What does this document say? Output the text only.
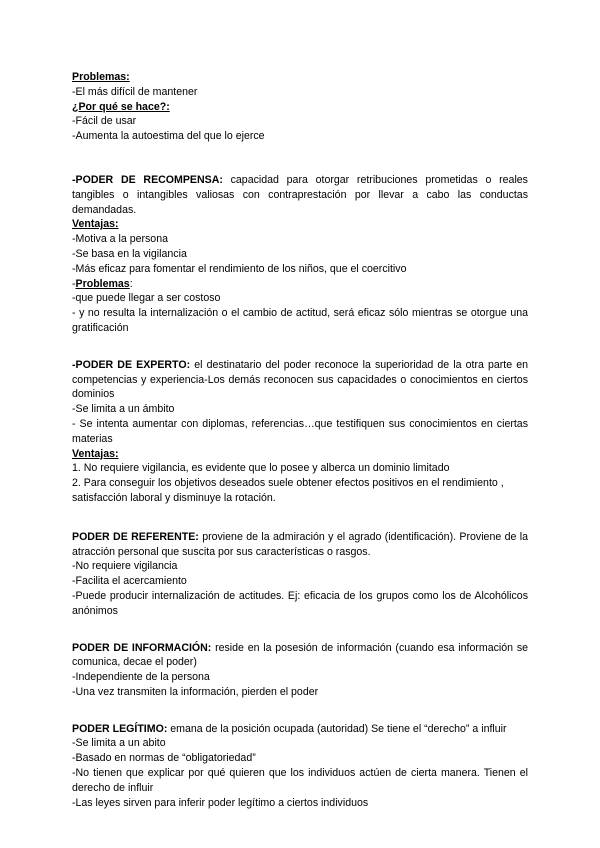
Problemas:
-El más difícil de mantener
¿Por qué se hace?:
-Fácil de usar
-Aumenta la autoestima del que lo ejerce

-PODER DE RECOMPENSA: capacidad para otorgar retribuciones prometidas o reales tangibles o intangibles valiosas con contraprestación por llevar a cabo las conductas demandadas.

Ventajas:
-Motiva a la persona
-Se basa en la vigilancia
-Más eficaz para fomentar el rendimiento de los niños, que el coercitivo
-Problemas:
-que puede llegar a ser costoso

- y no resulta la internalización o el cambio de actitud, será eficaz sólo mientras se otorgue una gratificación

-PODER DE EXPERTO: el destinatario del poder reconoce la superioridad de la otra parte en competencias y experiencia-Los demás reconocen sus capacidades o conocimientos en ciertos dominios

-Se limita a un ámbito

- Se intenta aumentar con diplomas, referencias…que testifiquen sus conocimientos en ciertas materias

Ventajas:
1. No requiere vigilancia, es evidente que lo posee y alberca un dominio limitado

2. Para conseguir los objetivos deseados suele obtener efectos positivos en el rendimiento , satisfacción laboral y disminuye la rotación.

PODER DE REFERENTE: proviene de la admiración y el agrado (identificación). Proviene de la atracción personal que suscita por sus características o rasgos.

-No requiere vigilancia
-Facilita el acercamiento

-Puede producir internalización de actitudes. Ej: eficacia de los grupos como los de Alcohólicos anónimos

PODER DE INFORMACIÓN: reside en la posesión de información (cuando esa información se comunica, decae el poder)

-Independiente de la persona
-Una vez transmiten la información, pierden el poder
PODER LEGÍTIMO: emana de la posición ocupada (autoridad) Se tiene el “derecho” a influir
-Se limita a un abito
-Basado en normas de “obligatoriedad”

-No tienen que explicar por qué quieren que los individuos actúen de cierta manera. Tienen el derecho de influir

-Las leyes sirven para inferir poder legítimo a ciertos individuos
